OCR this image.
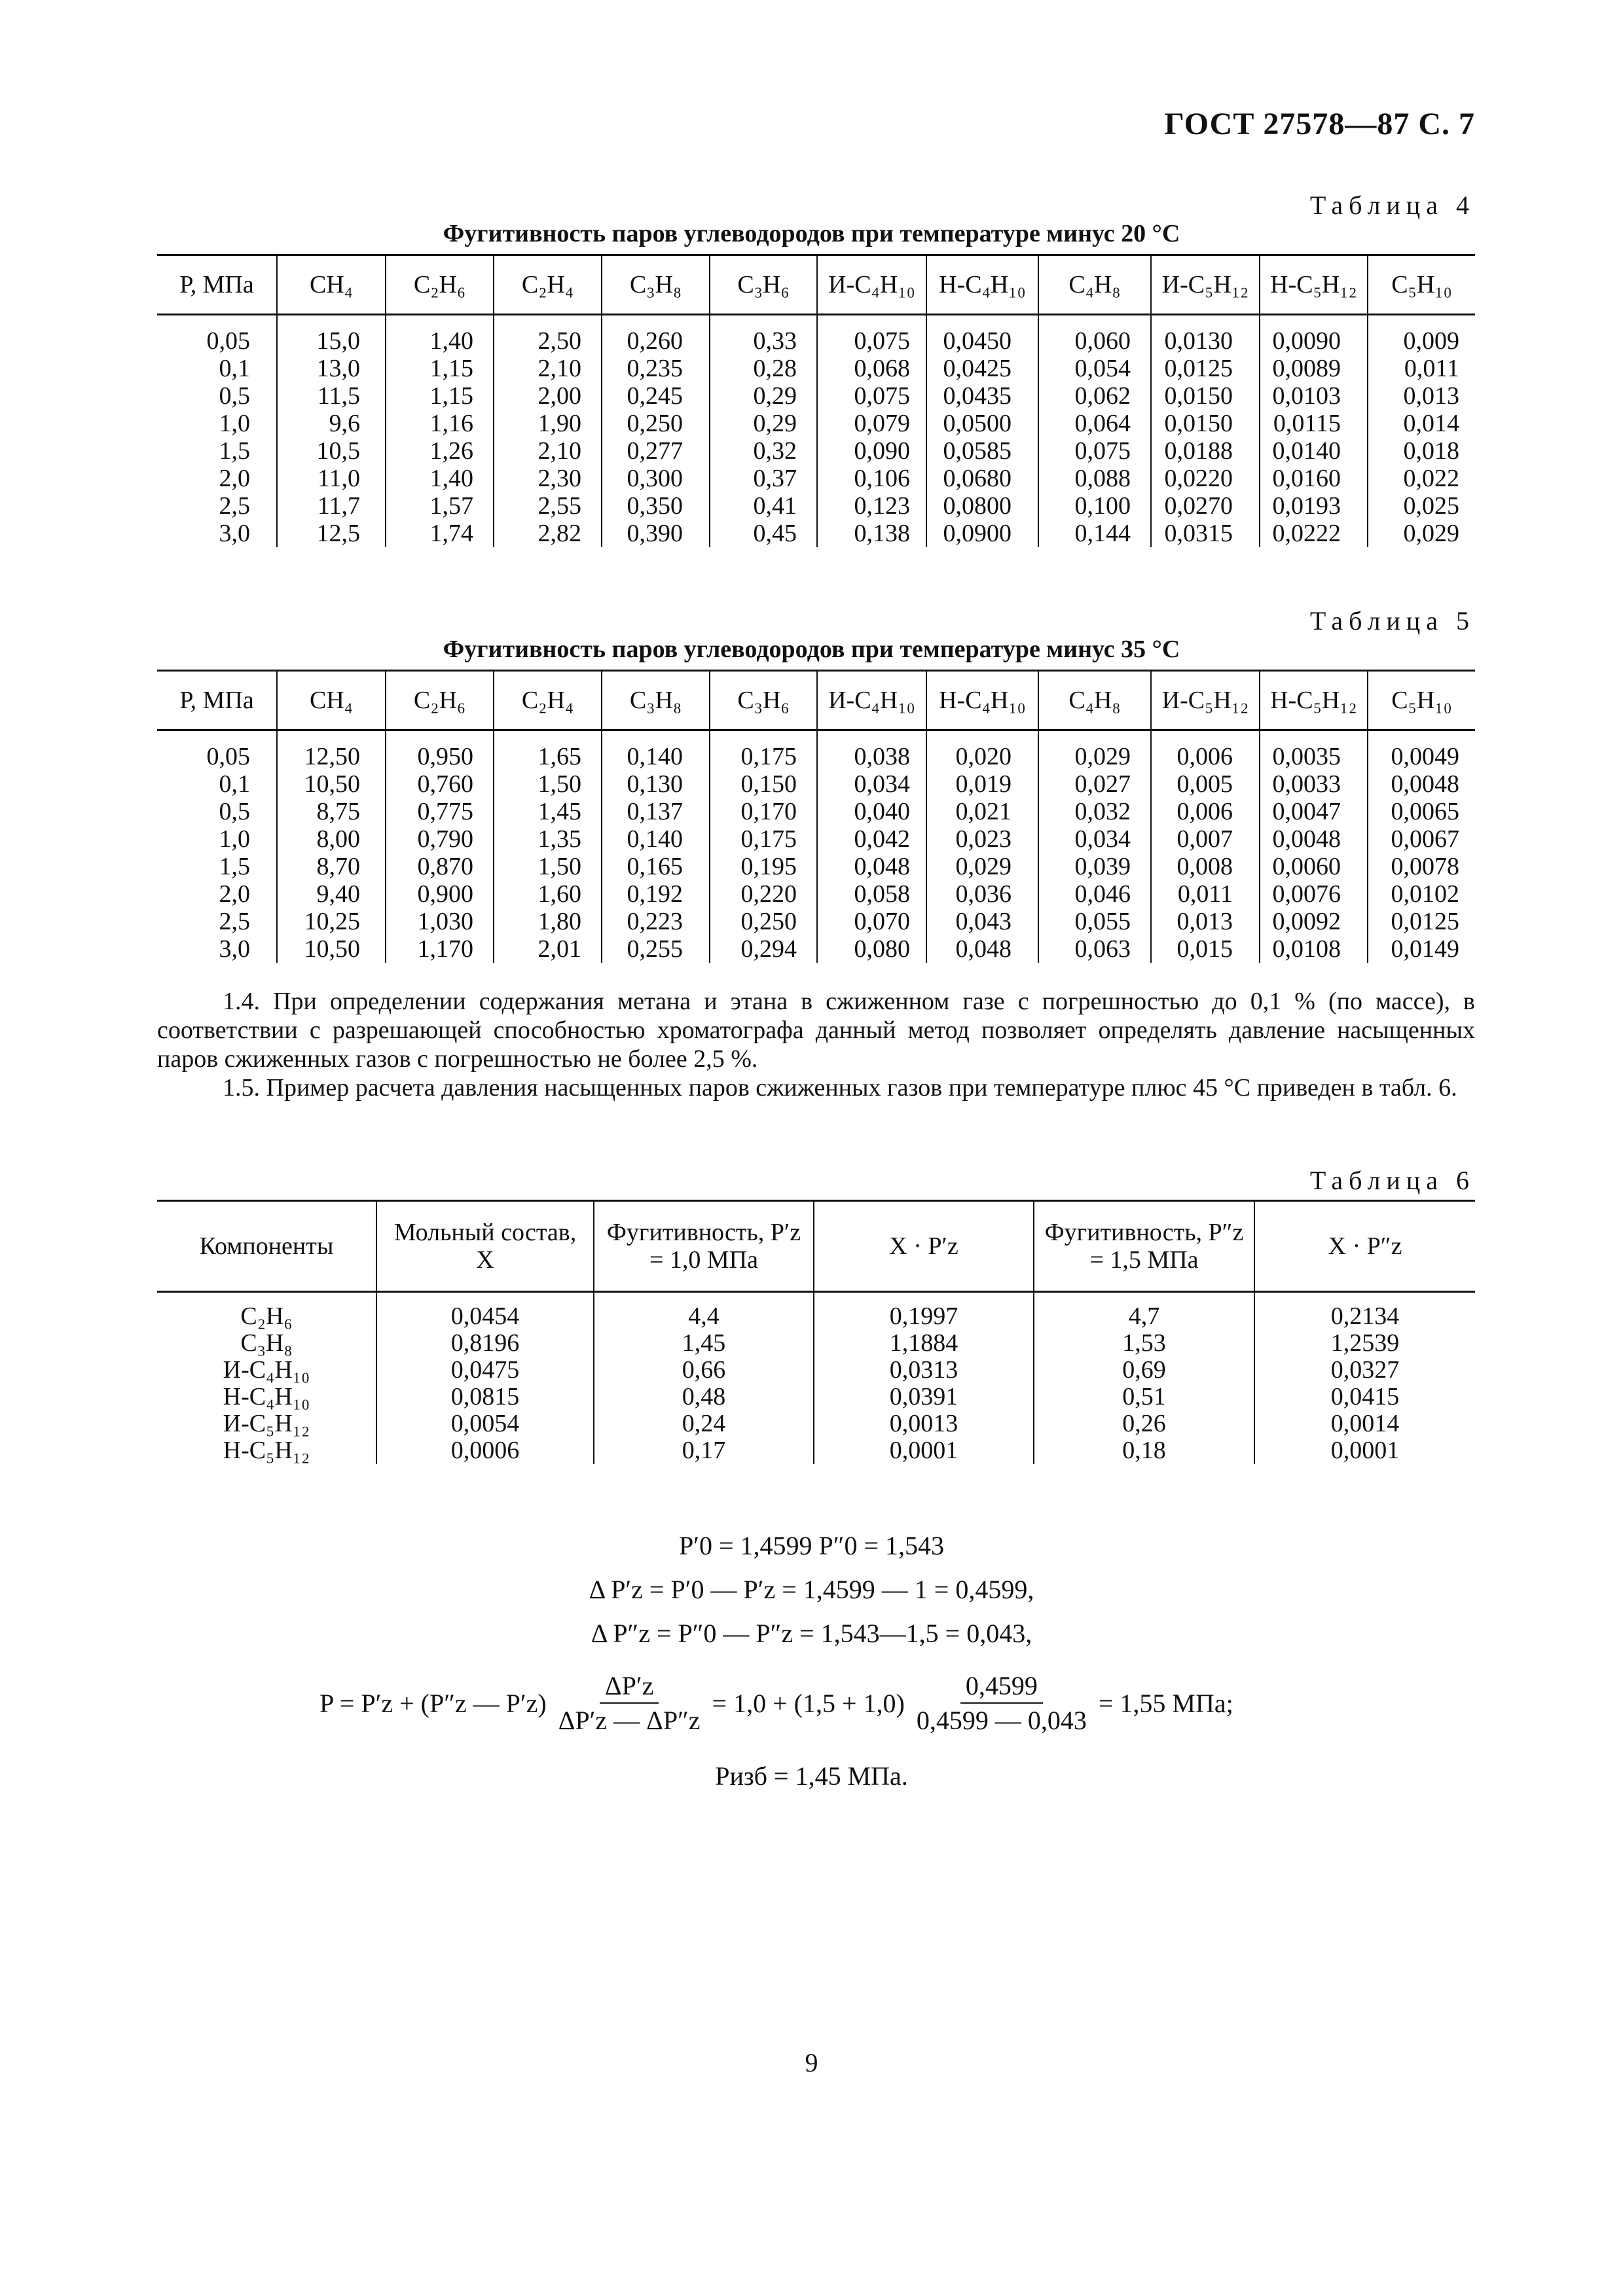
ГОСТ 27578—87 С. 7
Таблица 4
Фугитивность паров углеводородов при температуре минус 20 °С
Р, МПа	CH₄	C₂H₆	C₂H₄	C₃H₈	C₃H₆	И-C₄H₁₀	Н-C₄H₁₀	C₄H₈	И-C₅H₁₂	Н-C₅H₁₂	C₅H₁₀
0,05	15,0	1,40	2,50	0,260	0,33	0,075	0,0450	0,060	0,0130	0,0090	0,009
0,1	13,0	1,15	2,10	0,235	0,28	0,068	0,0425	0,054	0,0125	0,0089	0,011
0,5	11,5	1,15	2,00	0,245	0,29	0,075	0,0435	0,062	0,0150	0,0103	0,013
1,0	9,6	1,16	1,90	0,250	0,29	0,079	0,0500	0,064	0,0150	0,0115	0,014
1,5	10,5	1,26	2,10	0,277	0,32	0,090	0,0585	0,075	0,0188	0,0140	0,018
2,0	11,0	1,40	2,30	0,300	0,37	0,106	0,0680	0,088	0,0220	0,0160	0,022
2,5	11,7	1,57	2,55	0,350	0,41	0,123	0,0800	0,100	0,0270	0,0193	0,025
3,0	12,5	1,74	2,82	0,390	0,45	0,138	0,0900	0,144	0,0315	0,0222	0,029
Таблица 5
Фугитивность паров углеводородов при температуре минус 35 °С
Р, МПа	CH₄	C₂H₆	C₂H₄	C₃H₈	C₃H₆	И-C₄H₁₀	Н-C₄H₁₀	C₄H₈	И-C₅H₁₂	Н-C₅H₁₂	C₅H₁₀
0,05	12,50	0,950	1,65	0,140	0,175	0,038	0,020	0,029	0,006	0,0035	0,0049
0,1	10,50	0,760	1,50	0,130	0,150	0,034	0,019	0,027	0,005	0,0033	0,0048
0,5	8,75	0,775	1,45	0,137	0,170	0,040	0,021	0,032	0,006	0,0047	0,0065
1,0	8,00	0,790	1,35	0,140	0,175	0,042	0,023	0,034	0,007	0,0048	0,0067
1,5	8,70	0,870	1,50	0,165	0,195	0,048	0,029	0,039	0,008	0,0060	0,0078
2,0	9,40	0,900	1,60	0,192	0,220	0,058	0,036	0,046	0,011	0,0076	0,0102
2,5	10,25	1,030	1,80	0,223	0,250	0,070	0,043	0,055	0,013	0,0092	0,0125
3,0	10,50	1,170	2,01	0,255	0,294	0,080	0,048	0,063	0,015	0,0108	0,0149
1.4. При определении содержания метана и этана в сжиженном газе с погрешностью до 0,1 % (по массе), в соответствии с разрешающей способностью хроматографа данный метод позволяет определять давление насыщенных паров сжиженных газов с погрешностью не более 2,5 %.
1.5. Пример расчета давления насыщенных паров сжиженных газов при температуре плюс 45 °С приведен в табл. 6.
Таблица 6
Компоненты	Мольный состав, X	Фугитивность, P′z = 1,0 МПа	X · P′z	Фугитивность, P″z = 1,5 МПа	X · P″z
C₂H₆	0,0454	4,4	0,1997	4,7	0,2134
C₃H₈	0,8196	1,45	1,1884	1,53	1,2539
И-C₄H₁₀	0,0475	0,66	0,0313	0,69	0,0327
Н-C₄H₁₀	0,0815	0,48	0,0391	0,51	0,0415
И-C₅H₁₂	0,0054	0,24	0,0013	0,26	0,0014
Н-C₅H₁₂	0,0006	0,17	0,0001	0,18	0,0001
P′0 = 1,4599 P″0 = 1,543
Δ P′z = P′0 — P′z = 1,4599 — 1 = 0,4599,
Δ P″z = P″0 — P″z = 1,543—1,5 = 0,043,
P = P′z + (P″z — $P'z) \frac{\Delta P'z}{\Delta P'z — \Delta P''z} = 1,0 + (1,5 + 1,0) \frac{0,4599}{0,4599 — 0,043} = 1,55$ МПа;
Pизб = 1,45 МПа.
9
